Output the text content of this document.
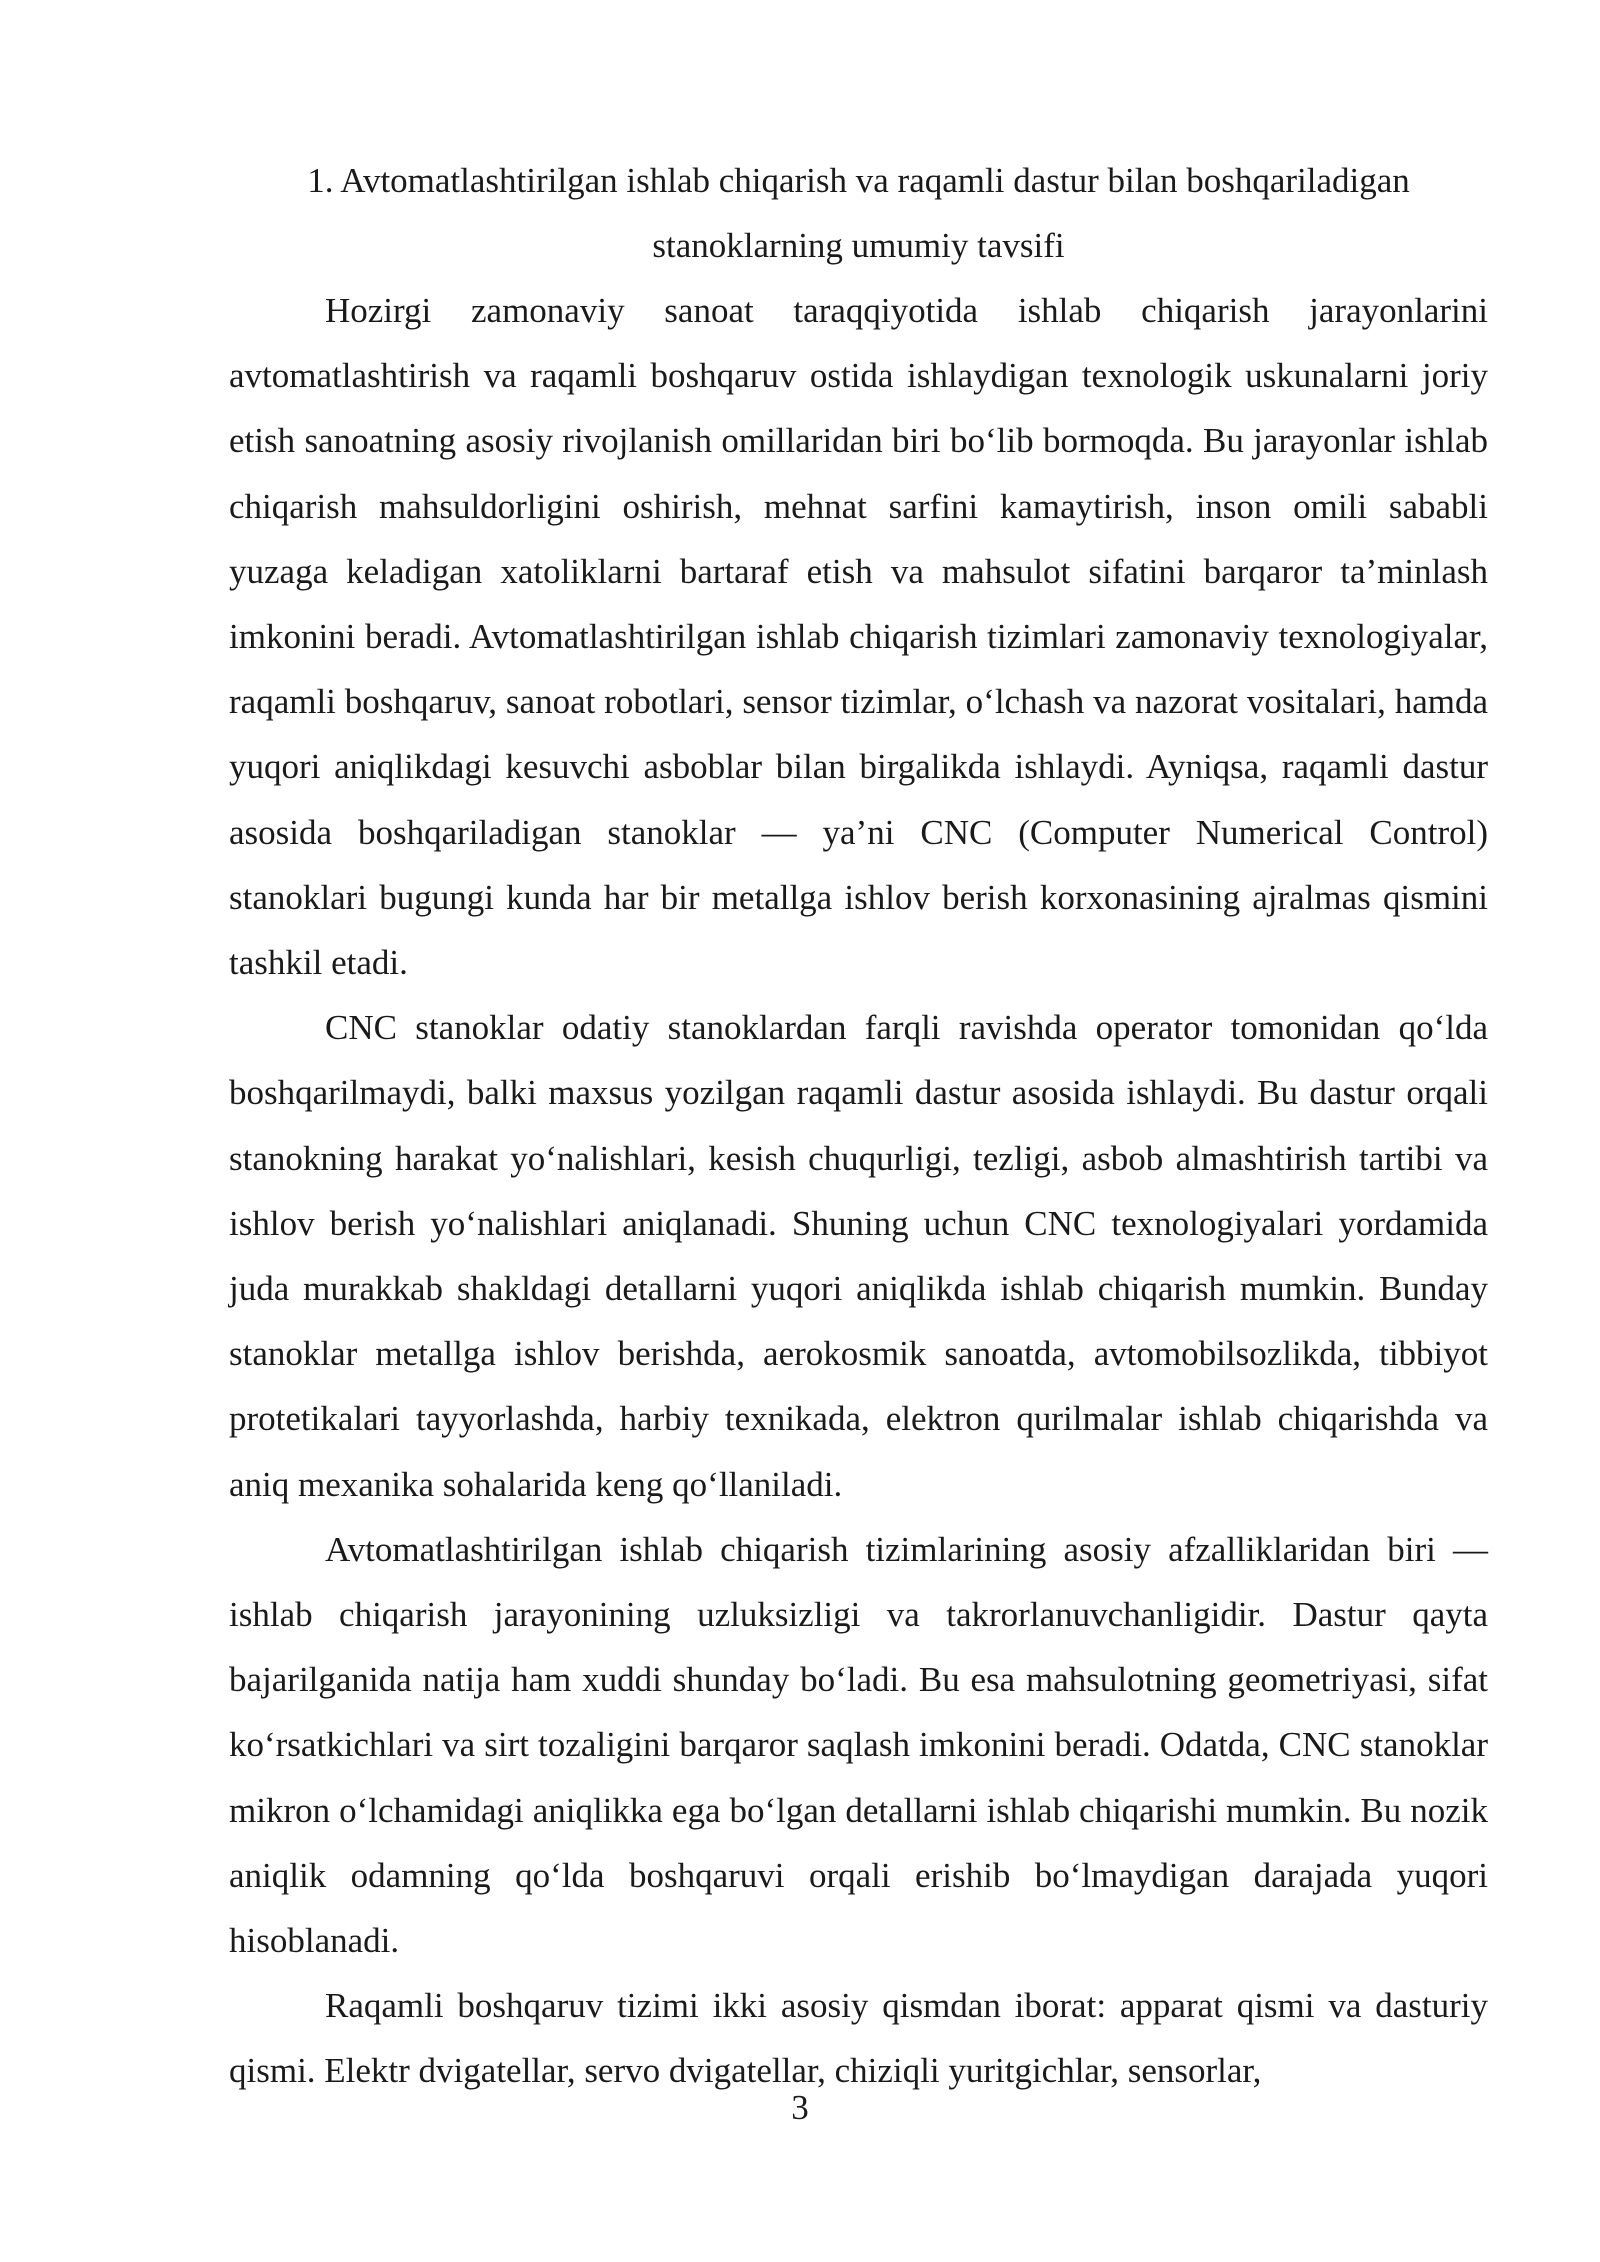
1. Avtomatlashtirilgan ishlab chiqarish va raqamli dastur bilan boshqariladigan stanoklarning umumiy tavsifi

Hozirgi zamonaviy sanoat taraqqiyotida ishlab chiqarish jarayonlarini avtomatlashtirish va raqamli boshqaruv ostida ishlaydigan texnologik uskunalarni joriy etish sanoatning asosiy rivojlanish omillaridan biri boʻlib bormoqda. Bu jarayonlar ishlab chiqarish mahsuldorligini oshirish, mehnat sarfini kamaytirish, inson omili sababli yuzaga keladigan xatoliklarni bartaraf etish va mahsulot sifatini barqaror ta’minlash imkonini beradi. Avtomatlashtirilgan ishlab chiqarish tizimlari zamonaviy texnologiyalar, raqamli boshqaruv, sanoat robotlari, sensor tizimlar, oʻlchash va nazorat vositalari, hamda yuqori aniqlikdagi kesuvchi asboblar bilan birgalikda ishlaydi. Ayniqsa, raqamli dastur asosida boshqariladigan stanoklar — ya’ni CNC (Computer Numerical Control) stanoklari bugungi kunda har bir metallga ishlov berish korxonasining ajralmas qismini tashkil etadi.

CNC stanoklar odatiy stanoklardan farqli ravishda operator tomonidan qoʻlda boshqarilmaydi, balki maxsus yozilgan raqamli dastur asosida ishlaydi. Bu dastur orqali stanokning harakat yoʻnalishlari, kesish chuqurligi, tezligi, asbob almashtirish tartibi va ishlov berish yoʻnalishlari aniqlanadi. Shuning uchun CNC texnologiyalari yordamida juda murakkab shakldagi detallarni yuqori aniqlikda ishlab chiqarish mumkin. Bunday stanoklar metallga ishlov berishda, aerokosmik sanoatda, avtomobilsozlikda, tibbiyot protetikalari tayyorlashda, harbiy texnikada, elektron qurilmalar ishlab chiqarishda va aniq mexanika sohalarida keng qoʻllaniladi.

Avtomatlashtirilgan ishlab chiqarish tizimlarining asosiy afzalliklaridan biri — ishlab chiqarish jarayonining uzluksizligi va takrorlanuvchanligidir. Dastur qayta bajarilganida natija ham xuddi shunday boʻladi. Bu esa mahsulotning geometriyasi, sifat koʻrsatkichlari va sirt tozaligini barqaror saqlash imkonini beradi. Odatda, CNC stanoklar mikron oʻlchamidagi aniqlikka ega boʻlgan detallarni ishlab chiqarishi mumkin. Bu nozik aniqlik odamning qoʻlda boshqaruvi orqali erishib boʻlmaydigan darajada yuqori hisoblanadi.

Raqamli boshqaruv tizimi ikki asosiy qismdan iborat: apparat qismi va dasturiy qismi. Elektr dvigatellar, servo dvigatellar, chiziqli yuritgichlar, sensorlar,

3
